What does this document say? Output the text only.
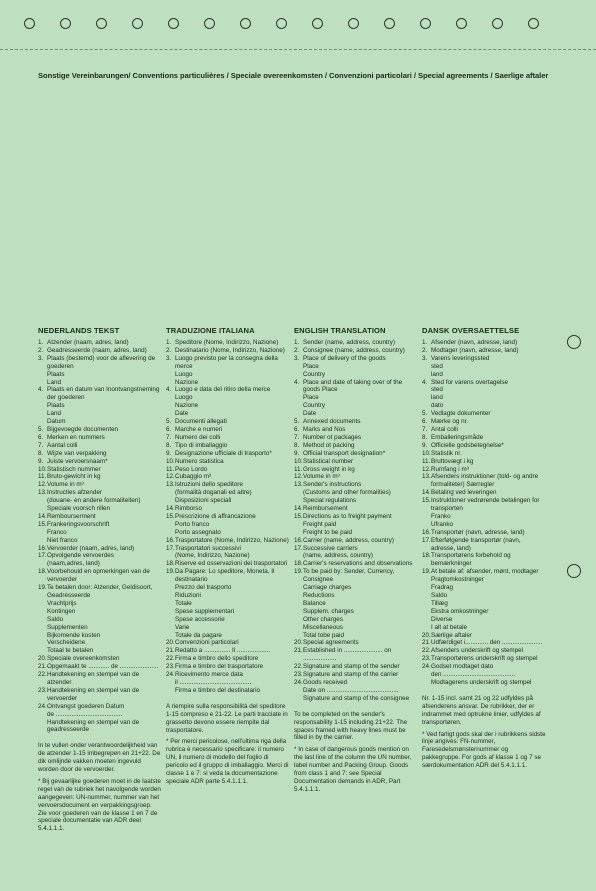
Sonstige Vereinbarungen/ Conventions particulières / Speciale overeenkomsten / Convenzioni particolari / Special agreements / Saerlige aftaler
NEDERLANDS TEKST
1. Atzender (naam, adres, land)
2. Geadresseerde (naam, adres, land)
3. Plaats (bestemd) voor de aflevering de goederen
Plaats
Land
4. Plaats en datum van Inontvangstneming der goederen
Plaats
Land
Datum
5. Bijgevoegde documenten
6. Merken en nummers
7. Aantal colli
8. Wijze van verpakking
9. Juiste vervoersnaam*
10. Statistisch nummer
11. Bruto-gewicht in kg
12. Volume in m³
13. Instructies afzender
(douane- en andere formaliteiten)
Speciale voorsch rillen
14. Rembourserment
15. Frankeringsvoorschrift
Franco
Niet franco
16. Vervoerder (naam, adres, land)
17. Opvolgende vervoerdes
(naam,adres, land)
18. Voorbehould en opmerkingen van de vervoerder
19. Te betalen door: Atzender, Geldisoort, Geadresseerde
Vrachtprijs
Kontingen
Saldo
Supplementen
Bijkomende kosten
Verscheidene
Totaal te betalen
20. Speciale overeenkomsten
21. Opgemaakt te ............ de ......................
22. Handtekening en stempel van de atzender
23. Handtekening en stempel van de vervoerder
24. Ontvangst goederen Datum
de ......................................
Handtekening en stempel van de geadresseerde

In te vullen onder verantwoordelijkheid van de atzender 1-15 imbegrepen en 21+22. De dik omlijnde vakken moeten ingevuld worden door de vervoerder.

* Bij gevaarlijke goederen moet in de laatste regel van de rubriek het navolgende worden aangegeven: UN-nummer, nummer van het vervoersdocument en verpakkingsgroep. Zie voor goederen van de klasse 1 en 7 de speciale documentatie van ADR deel 5.4.1.1.1.

TRADUZIONE ITALIANA
1. Speditore (Nome, Indirizzo, Nazione)
2. Destinatario (Nome, Indirizzo, Nazione)
3. Luogo previsto per la consegna della merce
Luogo
Nazione
4. Luogo e data del ritiro della merce
Luogo
Nazione
Date
5. Documenti allegati
6. Marche e numeri
7. Numero dei colli
8. Tipo di imballaggio
9. Designazione ufficiale di trasporto*
10. Numero statistica
11. Peso Lordo
12. Cubaggio m³
13. Istruzioni dello speditore
(formalità doganali ed altre)
Disposizioni speciali
14. Rimborso
15. Prescrizione di affrancazione
Porto franco
Porto assegnato
16. Trasportatore (Nome, Indirizzo, Nazione)
17. Trasportatori successivi
(Nome, Indirizzo, Nazione)
18. Riserve ed osservazioni dei trasportatori
19. Da Pagare: Lo speditore, Moneta, Il destinatario
Prezzo del trasporto
Riduzioni
Totale
Spese supplementari
Spese accessorie
Varie
Totale da pagare
20. Convenzioni particolari
21. Redatto a ............... Il ...................
22. Firma e timbro dello speditore
23. Firma e timbro del trasportatore
24. Ricevimento merce data
il .........................................
Firma e timbro del destinatario

A riempire sulla responsibilità del speditore 1-15 compreso e 21-22. Le parti tracciate in grassetto devono essere riempite dal trasportatore.

* Per merci pericolose, nell'ultima riga della rubrica è necessario specificare: il numero UN, il numero di modello del foglio di pericolo ed il gruppo di imballaggio. Merci di classe 1 e 7: si veda la documentazione speciale ADR parte 5.4.1.1.1.

ENGLISH TRANSLATION
1. Sender (name, address, country)
2. Consignee (name, address, country)
3. Place of delivery of the goods
Place
Country
4. Place and date of taking over of the goods Place
Place
Country
Date
5. Annexed documents
6. Marks and Nos
7. Number ot packages
8. Method ot packing
9. Official transport designation*
10. Statistical number
11. Gross weight in kg
12. Volume in m³
13. Sender's instructions
(Customs and other formalities)
Special regulations
14. Reimbursement
15. Directions as to freight payment
Freight paid
Freight to be paid
16. Carrier (name, address, country)
17. Successive carriers
(name, address, country)
18. Carrier's reservations and observations
19. To be paid by: Sender, Currency, Consignee
Carriage charges
Reductions
Balance
Supplem, charges
Other charges
Miscellaneous
Total tobe paid
20. Special agreements
21. Established in ...................... on ...................
22. Signature and stamp of the sender
23. Signature and stamp of the carrier
24. Goods received
Date on .........................................
Signature and stamp of the consignee

To be completed on the sender's responsability 1-15 including 21+22. The spaces framed with heavy lines must be filled in by the carrier.

* In case of dangerous goods mention on the last line of the column the UN number, label number and Packing Group. Goods from class 1 and 7: see Special Documentation demands in ADR, Part 5.4.1.1.1.

DANSK OVERSAETTELSE
1. Afsender (navn, adresse, land)
2. Modtager (navn, adresse, land)
3. Varens leveringssted
sted
land
4. Sted for varens overtagelse
sted
land
dato
5. Vedlagte dokumenter
6. Mærke og nr.
7. Antal colli
8. Emballeringsmåde
9. Officielle godsbetegnelse*
10. Statistik nr.
11. Bruttovægt i kg
12. Rumfang i m³
13. Afsenders instruktioner (told- og andre formaliteter) Særregler
14. Betaling ved leveringen
15. Instruktioner vedrørende betalingen for transporten
Franko
Ufranko
16. Transportør (navn, adresse, land)
17. Efterfølgende transportør (navn, adresse, land)
18. Transportørens forbehold og bemærkninger
19. At betale af: afsender, mønt, modtager
Pragtomkostninger
Fradrag
Saldo
Tillæg
Ekstra omkostninger
Diverse
I alt at betale
20. Særlige aftaler
21. Udfærdiget i............. den .......................
22. Afsenders underskrift og stempel
23. Transportørens underskrift og stempel
24. Godset modtaget dato
den .........................................
Modtagerens underskrift og stempel

Nr. 1-15 incl. samt 21 og 22 udfyldes på afsenderens ansvar. De rubrikker, der er indrammet med optrukne linier, udfyldes af transportøren.

* Ved farligt gods skal der i rubrikkens sidste linje angives: FN-nummer, Faresedelsmønsternummer og pakkegruppe. For gods af klasse 1 og 7 se særdokumentation ADR del 5.4.1.1.1.
